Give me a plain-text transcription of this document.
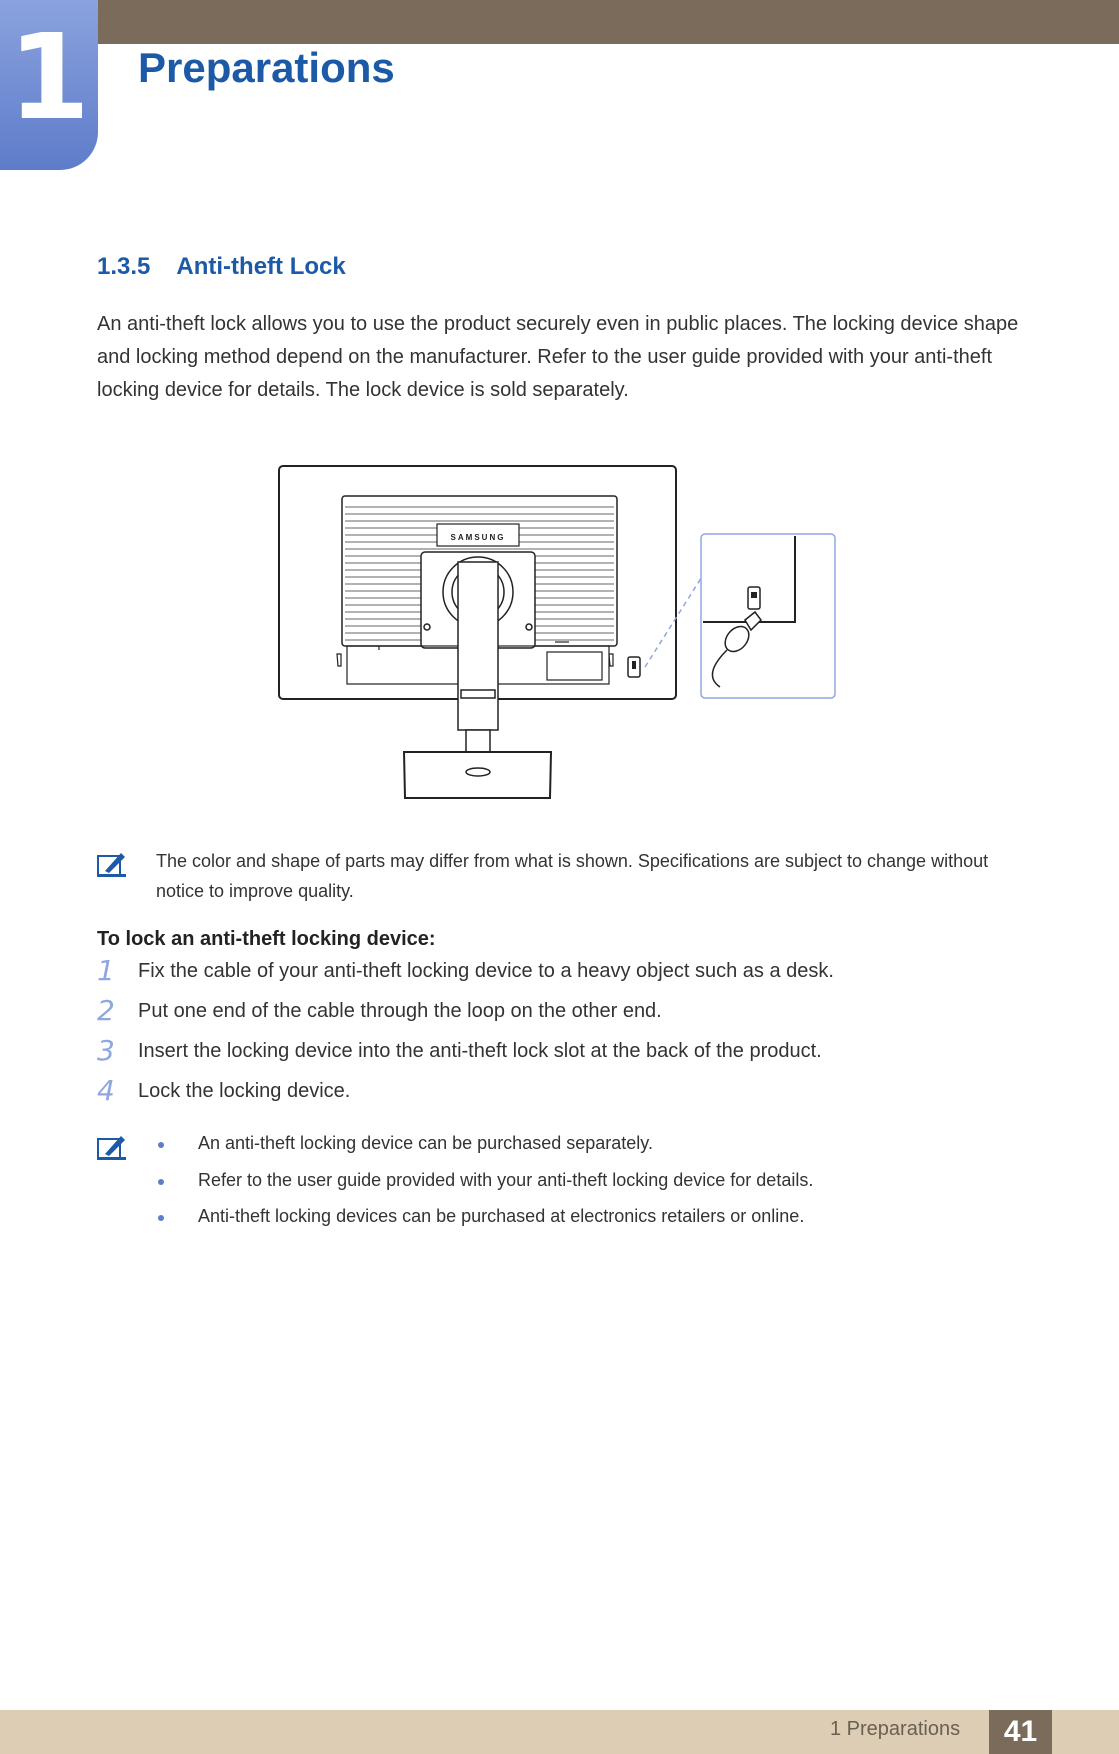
1 Preparations
1.3.5 Anti-theft Lock
An anti-theft lock allows you to use the product securely even in public places. The locking device shape and locking method depend on the manufacturer. Refer to the user guide provided with your anti-theft locking device for details. The lock device is sold separately.
SAMSUNG
The color and shape of parts may differ from what is shown. Specifications are subject to change without notice to improve quality.
To lock an anti-theft locking device:
1 Fix the cable of your anti-theft locking device to a heavy object such as a desk.
2 Put one end of the cable through the loop on the other end.
3 Insert the locking device into the anti-theft lock slot at the back of the product.
4 Lock the locking device.
An anti-theft locking device can be purchased separately.
Refer to the user guide provided with your anti-theft locking device for details.
Anti-theft locking devices can be purchased at electronics retailers or online.
1 Preparations	41
